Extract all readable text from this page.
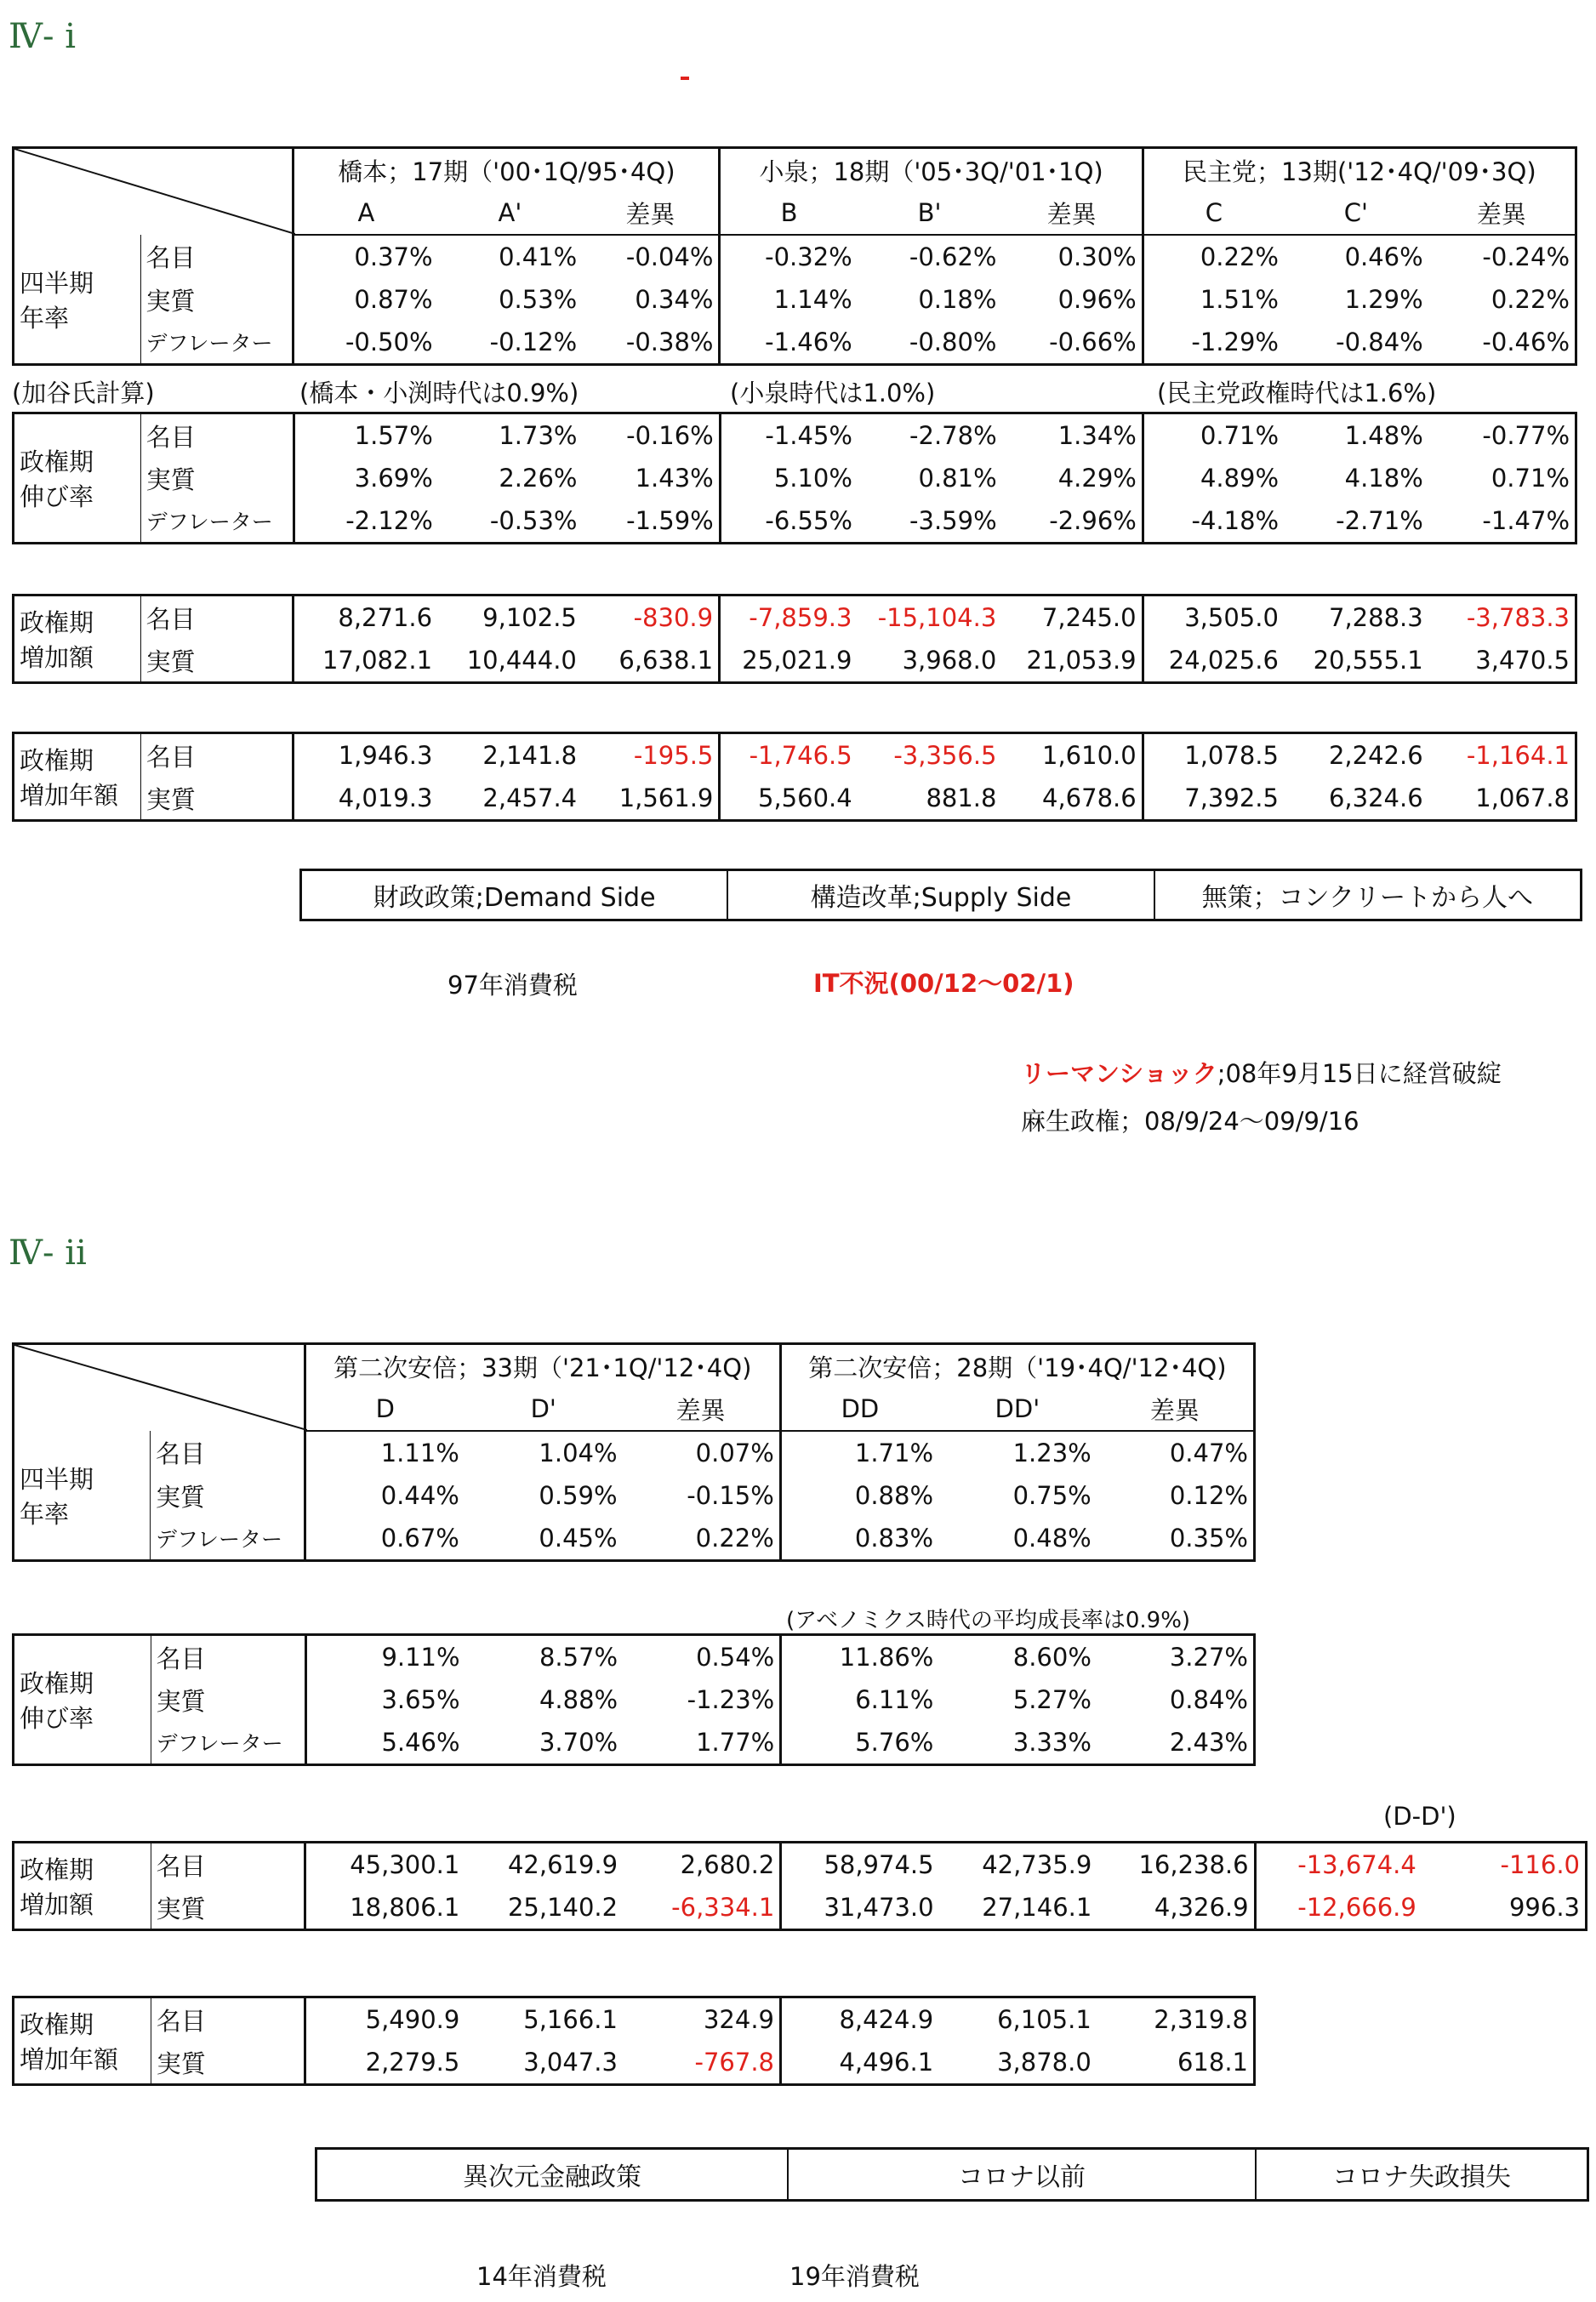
Ⅳ- ⅰ
	橋本；17期（'00･1Q/95･4Q)			小泉；18期（'05･3Q/'01･1Q)			民主党；13期('12･4Q/'09･3Q)		
		A	A'	差異	B	B'	差異	C	C'	差異

四半期
年率	名目	0.37%	0.41%	-0.04%	-0.32%	-0.62%	0.30%	0.22%	0.46%	-0.24%
	実質	0.87%	0.53%	0.34%	1.14%	0.18%	0.96%	1.51%	1.29%	0.22%
	デフレーター	-0.50%	-0.12%	-0.38%	-1.46%	-0.80%	-0.66%	-1.29%	-0.84%	-0.46%
(加谷氏計算)	(橋本・小渕時代は0.9%)	(小泉時代は1.0%)	(民主党政権時代は1.6%)
政権期
伸び率	名目	1.57%	1.73%	-0.16%	-1.45%	-2.78%	1.34%	0.71%	1.48%	-0.77%
	実質	3.69%	2.26%	1.43%	5.10%	0.81%	4.29%	4.89%	4.18%	0.71%
	デフレーター	-2.12%	-0.53%	-1.59%	-6.55%	-3.59%	-2.96%	-4.18%	-2.71%	-1.47%
政権期
増加額	名目	8,271.6	9,102.5	-830.9	-7,859.3	-15,104.3	7,245.0	3,505.0	7,288.3	-3,783.3
	実質	17,082.1	10,444.0	6,638.1	25,021.9	3,968.0	21,053.9	24,025.6	20,555.1	3,470.5
政権期
増加年額	名目	1,946.3	2,141.8	-195.5	-1,746.5	-3,356.5	1,610.0	1,078.5	2,242.6	-1,164.1
	実質	4,019.3	2,457.4	1,561.9	5,560.4	881.8	4,678.6	7,392.5	6,324.6	1,067.8
財政政策;Demand Side	構造改革;Supply Side	無策；コンクリートから人へ
97年消費税	IT不況(00/12～02/1)
リーマンショック;08年9月15日に経営破綻
麻生政権；08/9/24～09/9/16
Ⅳ- ⅱ
	第二次安倍；33期（'21･1Q/'12･4Q)			第二次安倍；28期（'19･4Q/'12･4Q)		
		D	D'	差異	DD	DD'	差異

四半期
年率	名目	1.11%	1.04%	0.07%	1.71%	1.23%	0.47%
	実質	0.44%	0.59%	-0.15%	0.88%	0.75%	0.12%
	デフレーター	0.67%	0.45%	0.22%	0.83%	0.48%	0.35%
(アベノミクス時代の平均成長率は0.9%)
政権期
伸び率	名目	9.11%	8.57%	0.54%	11.86%	8.60%	3.27%
	実質	3.65%	4.88%	-1.23%	6.11%	5.27%	0.84%
	デフレーター	5.46%	3.70%	1.77%	5.76%	3.33%	2.43%
(D-D')
政権期
増加額	名目	45,300.1	42,619.9	2,680.2	58,974.5	42,735.9	16,238.6	-13,674.4	-116.0
	実質	18,806.1	25,140.2	-6,334.1	31,473.0	27,146.1	4,326.9	-12,666.9	996.3
政権期
増加年額	名目	5,490.9	5,166.1	324.9	8,424.9	6,105.1	2,319.8
	実質	2,279.5	3,047.3	-767.8	4,496.1	3,878.0	618.1
異次元金融政策	コロナ以前	コロナ失政損失
14年消費税	19年消費税
